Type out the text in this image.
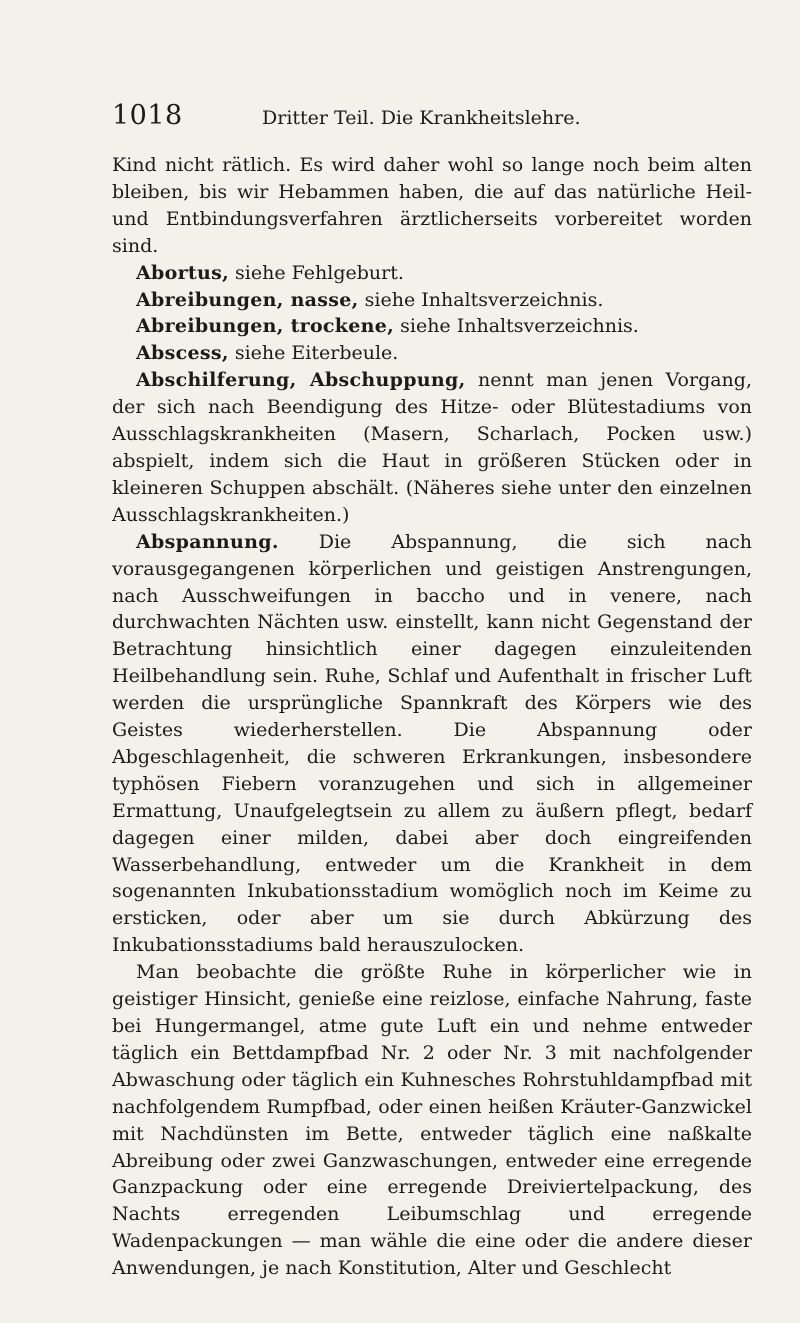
1018	Dritter Teil. Die Krankheitslehre.

Kind nicht rätlich. Es wird daher wohl so lange noch beim alten bleiben, bis wir Hebammen haben, die auf das natürliche Heil- und Entbindungsverfahren ärztlicherseits vorbereitet worden sind.

Abortus, siehe Fehlgeburt.

Abreibungen, nasse, siehe Inhaltsverzeichnis.

Abreibungen, trockene, siehe Inhaltsverzeichnis.

Abscess, siehe Eiterbeule.

Abschilferung, Abschuppung, nennt man jenen Vorgang, der sich nach Beendigung des Hitze- oder Blütestadiums von Ausschlagskrankheiten (Masern, Scharlach, Pocken usw.) abspielt, indem sich die Haut in größeren Stücken oder in kleineren Schuppen abschält. (Näheres siehe unter den einzelnen Ausschlagskrankheiten.)

Abspannung. Die Abspannung, die sich nach vorausgegangenen körperlichen und geistigen Anstrengungen, nach Ausschweifungen in baccho und in venere, nach durchwachten Nächten usw. einstellt, kann nicht Gegenstand der Betrachtung hinsichtlich einer dagegen einzuleitenden Heilbehandlung sein. Ruhe, Schlaf und Aufenthalt in frischer Luft werden die ursprüngliche Spannkraft des Körpers wie des Geistes wiederherstellen. Die Abspannung oder Abgeschlagenheit, die schweren Erkrankungen, insbesondere typhösen Fiebern voranzugehen und sich in allgemeiner Ermattung, Unaufgelegtsein zu allem zu äußern pflegt, bedarf dagegen einer milden, dabei aber doch eingreifenden Wasserbehandlung, entweder um die Krankheit in dem sogenannten Inkubationsstadium womöglich noch im Keime zu ersticken, oder aber um sie durch Abkürzung des Inkubationsstadiums bald herauszulocken.

Man beobachte die größte Ruhe in körperlicher wie in geistiger Hinsicht, genieße eine reizlose, einfache Nahrung, faste bei Hungermangel, atme gute Luft ein und nehme entweder täglich ein Bettdampfbad Nr. 2 oder Nr. 3 mit nachfolgender Abwaschung oder täglich ein Kuhnesches Rohrstuhldampfbad mit nachfolgendem Rumpfbad, oder einen heißen Kräuter-Ganzwickel mit Nachdünsten im Bette, entweder täglich eine naßkalte Abreibung oder zwei Ganzwaschungen, entweder eine erregende Ganzpackung oder eine erregende Dreiviertelpackung, des Nachts erregenden Leibumschlag und erregende Wadenpackungen — man wähle die eine oder die andere dieser Anwendungen, je nach Konstitution, Alter und Geschlecht
